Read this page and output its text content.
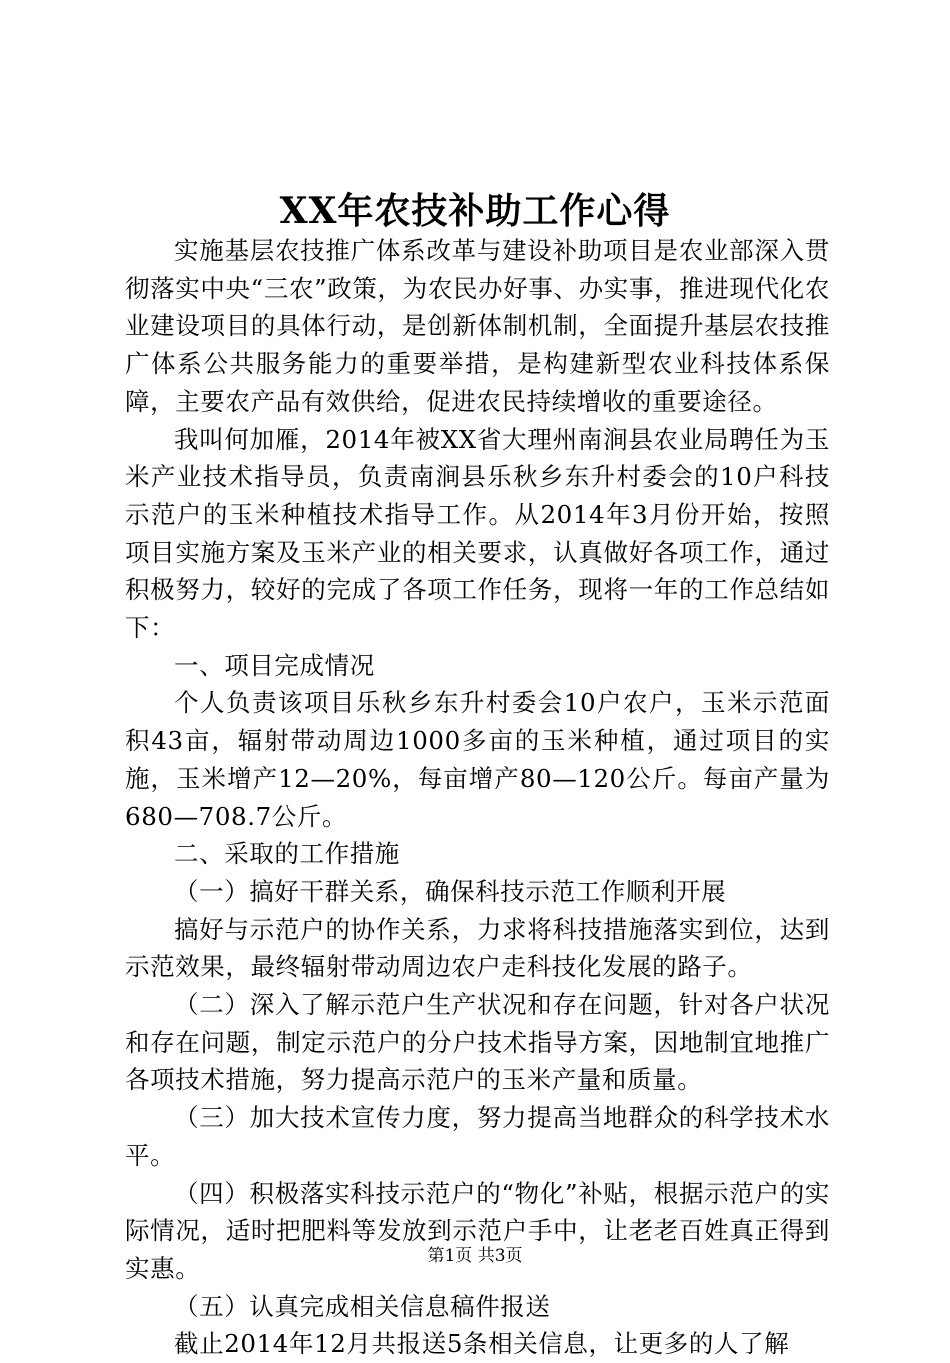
XX年农技补助工作心得

实施基层农技推广体系改革与建设补助项目是农业部深入贯彻落实中央“三农”政策，为农民办好事、办实事，推进现代化农业建设项目的具体行动，是创新体制机制，全面提升基层农技推广体系公共服务能力的重要举措，是构建新型农业科技体系保障，主要农产品有效供给，促进农民持续增收的重要途径。

我叫何加雁，2014年被XX省大理州南涧县农业局聘任为玉米产业技术指导员，负责南涧县乐秋乡东升村委会的10户科技示范户的玉米种植技术指导工作。从2014年3月份开始，按照项目实施方案及玉米产业的相关要求，认真做好各项工作，通过积极努力，较好的完成了各项工作任务，现将一年的工作总结如下：

一、项目完成情况

个人负责该项目乐秋乡东升村委会10户农户，玉米示范面积43亩，辐射带动周边1000多亩的玉米种植，通过项目的实施，玉米增产12—20%，每亩增产80—120公斤。每亩产量为680—708.7公斤。

二、采取的工作措施

（一）搞好干群关系，确保科技示范工作顺利开展

搞好与示范户的协作关系，力求将科技措施落实到位，达到示范效果，最终辐射带动周边农户走科技化发展的路子。

（二）深入了解示范户生产状况和存在问题，针对各户状况和存在问题，制定示范户的分户技术指导方案，因地制宜地推广各项技术措施，努力提高示范户的玉米产量和质量。

（三）加大技术宣传力度，努力提高当地群众的科学技术水平。

（四）积极落实科技示范户的“物化”补贴，根据示范户的实际情况，适时把肥料等发放到示范户手中，让老老百姓真正得到实惠。

（五）认真完成相关信息稿件报送

截止2014年12月共报送5条相关信息，让更多的人了解

第1页 共3页
